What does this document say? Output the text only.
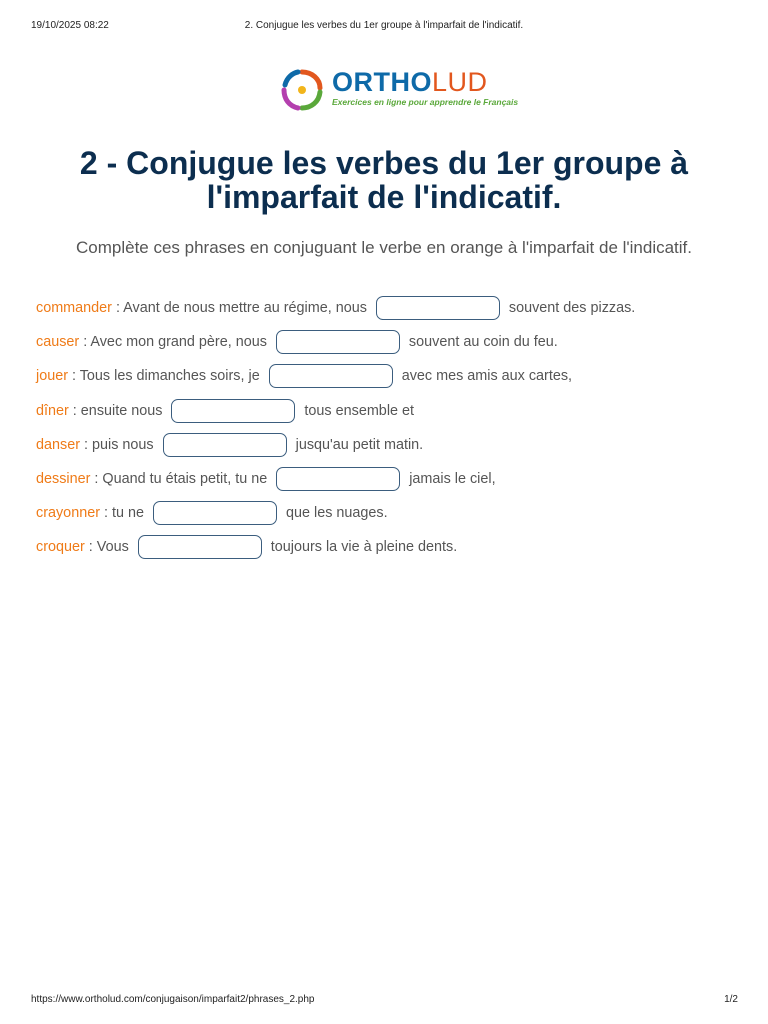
19/10/2025 08:22	2. Conjugue les verbes du 1er groupe à l'imparfait de l'indicatif.
ORTHOLUD
Exercices en ligne pour apprendre le Français
2 - Conjugue les verbes du 1er groupe à l'imparfait de l'indicatif.

Complète ces phrases en conjuguant le verbe en orange à l'imparfait de l'indicatif.

commander : Avant de nous mettre au régime, nous	souvent des pizzas.
causer : Avec mon grand père, nous	souvent au coin du feu.
jouer : Tous les dimanches soirs, je	avec mes amis aux cartes,
dîner : ensuite nous	tous ensemble et
danser : puis nous	jusqu'au petit matin.
dessiner : Quand tu étais petit, tu ne	jamais le ciel,
crayonner : tu ne	que les nuages.
croquer : Vous	toujours la vie à pleine dents.
https://www.ortholud.com/conjugaison/imparfait2/phrases_2.php	1/2
